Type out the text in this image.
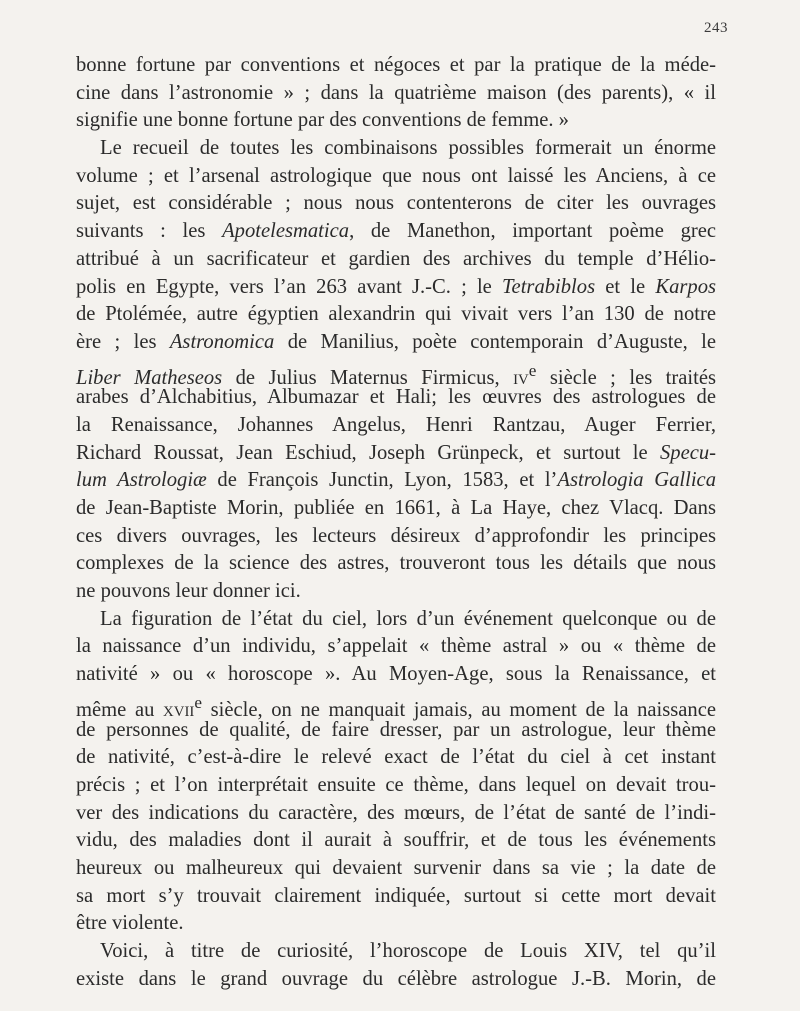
243
bonne fortune par conventions et négoces et par la pratique de la méde-
cine dans l’astronomie » ; dans la quatrième maison (des parents), « il
signifie une bonne fortune par des conventions de femme. »
Le recueil de toutes les combinaisons possibles formerait un énorme
volume ; et l’arsenal astrologique que nous ont laissé les Anciens, à ce
sujet, est considérable ; nous nous contenterons de citer les ouvrages
suivants : les Apotelesmatica, de Manethon, important poème grec
attribué à un sacrificateur et gardien des archives du temple d’Hélio-
polis en Egypte, vers l’an 263 avant J.-C. ; le Tetrabiblos et le Karpos
de Ptolémée, autre égyptien alexandrin qui vivait vers l’an 130 de notre
ère ; les Astronomica de Manilius, poète contemporain d’Auguste, le
Liber Matheseos de Julius Maternus Firmicus, IVe siècle ; les traités
arabes d’Alchabitius, Albumazar et Hali; les œuvres des astrologues de
la Renaissance, Johannes Angelus, Henri Rantzau, Auger Ferrier,
Richard Roussat, Jean Eschiud, Joseph Grünpeck, et surtout le Specu-
lum Astrologiæ de François Junctin, Lyon, 1583, et l’Astrologia Gallica
de Jean-Baptiste Morin, publiée en 1661, à La Haye, chez Vlacq. Dans
ces divers ouvrages, les lecteurs désireux d’approfondir les principes
complexes de la science des astres, trouveront tous les détails que nous
ne pouvons leur donner ici.
La figuration de l’état du ciel, lors d’un événement quelconque ou de
la naissance d’un individu, s’appelait « thème astral » ou « thème de
nativité » ou « horoscope ». Au Moyen-Age, sous la Renaissance, et
même au XVIIe siècle, on ne manquait jamais, au moment de la naissance
de personnes de qualité, de faire dresser, par un astrologue, leur thème
de nativité, c’est-à-dire le relevé exact de l’état du ciel à cet instant
précis ; et l’on interprétait ensuite ce thème, dans lequel on devait trou-
ver des indications du caractère, des mœurs, de l’état de santé de l’indi-
vidu, des maladies dont il aurait à souffrir, et de tous les événements
heureux ou malheureux qui devaient survenir dans sa vie ; la date de
sa mort s’y trouvait clairement indiquée, surtout si cette mort devait
être violente.
Voici, à titre de curiosité, l’horoscope de Louis XIV, tel qu’il
existe dans le grand ouvrage du célèbre astrologue J.-B. Morin, de
